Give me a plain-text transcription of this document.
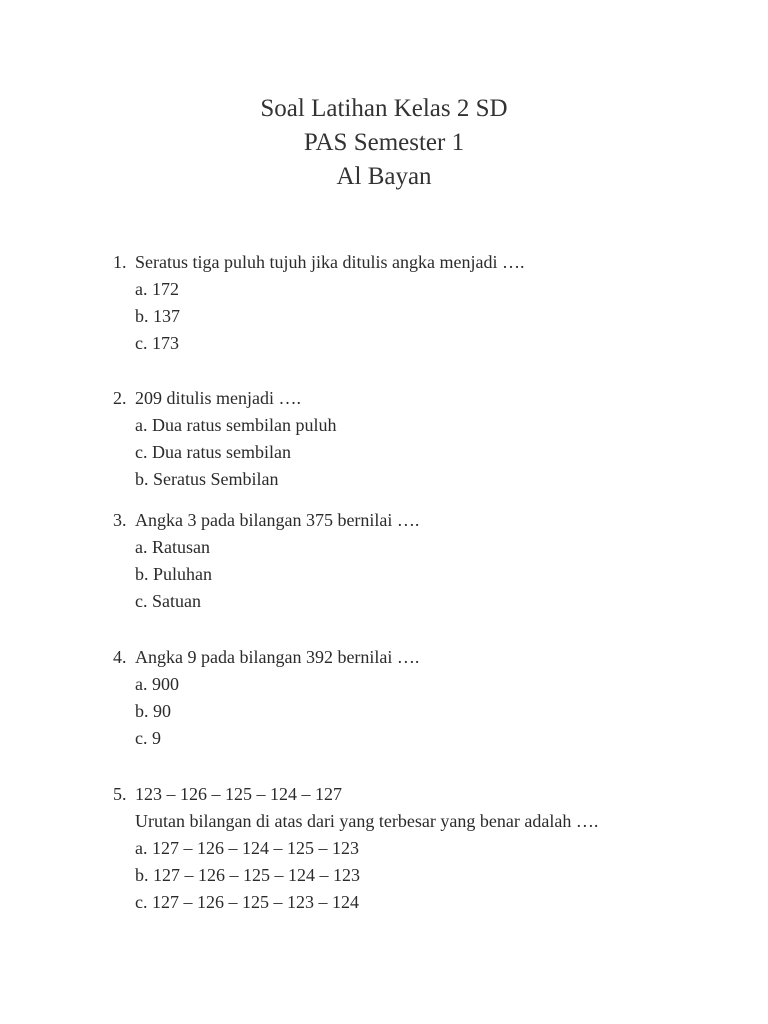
Soal Latihan Kelas 2 SD
PAS Semester 1
Al Bayan
1. Seratus tiga puluh tujuh jika ditulis angka menjadi ….
a. 172
b. 137
c. 173
2. 209 ditulis menjadi ….
a. Dua ratus sembilan puluh
c. Dua ratus sembilan
b. Seratus Sembilan
3. Angka 3 pada bilangan 375 bernilai ….
a. Ratusan
b. Puluhan
c. Satuan
4. Angka 9 pada bilangan 392 bernilai ….
a. 900
b. 90
c. 9
5. 123 – 126 – 125 – 124 – 127
Urutan bilangan di atas dari yang terbesar yang benar adalah ….
a. 127 – 126 – 124 – 125 – 123
b. 127 – 126 – 125 – 124 – 123
c. 127 – 126 – 125 – 123 – 124
